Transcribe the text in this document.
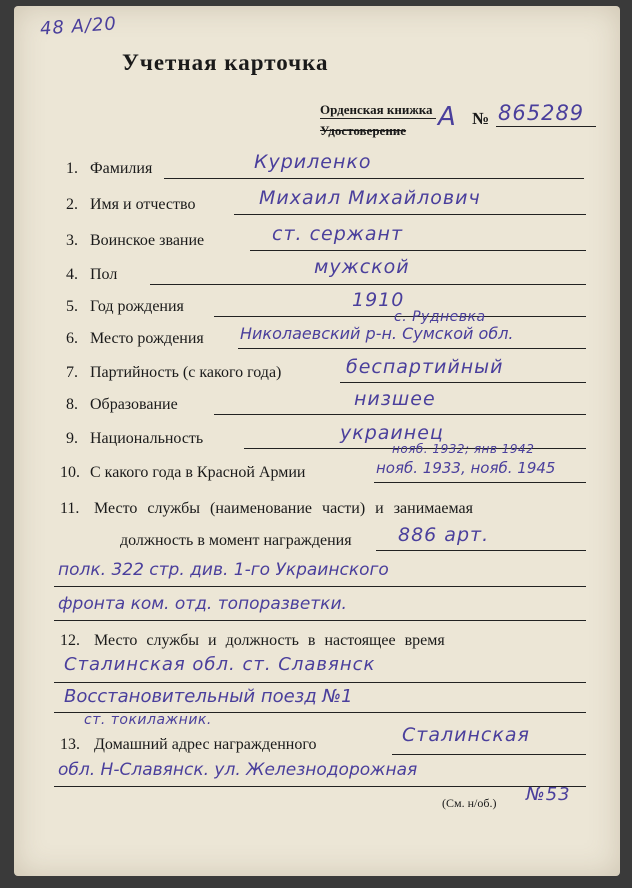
48 А/20
Учетная карточка
Орденская книжка
Удостоверение А № 865289
1. Фамилия	Куриленко
2. Имя и отчество	Михаил Михайлович
3. Воинское звание	ст. сержант
4. Пол	мужской
5. Год рождения	1910
с. Рудневка
6. Место рождения Николаевский р-н. Сумской обл.
7. Партийность (с какого года)	беспартийный
8. Образование	низшее
9. Национальность	украинец
нояб. 1932; янв 1942
10. С какого года в Красной Армии	нояб. 1933, нояб. 1945
11. Место службы (наименование части) и занимаемая
должность в момент награждения 886 арт.
полк. 322 стр. див. 1-го Украинского
фронта ком. отд. топоразветки.
12. Место службы и должность в настоящее время
Сталинская обл. ст. Славянск
Восстановительный поезд №1
ст. токилажник.
13. Домашний адрес награжденного	Сталинская
обл. Н-Славянск. ул. Железнодорожная
(См. н/об.) №53
